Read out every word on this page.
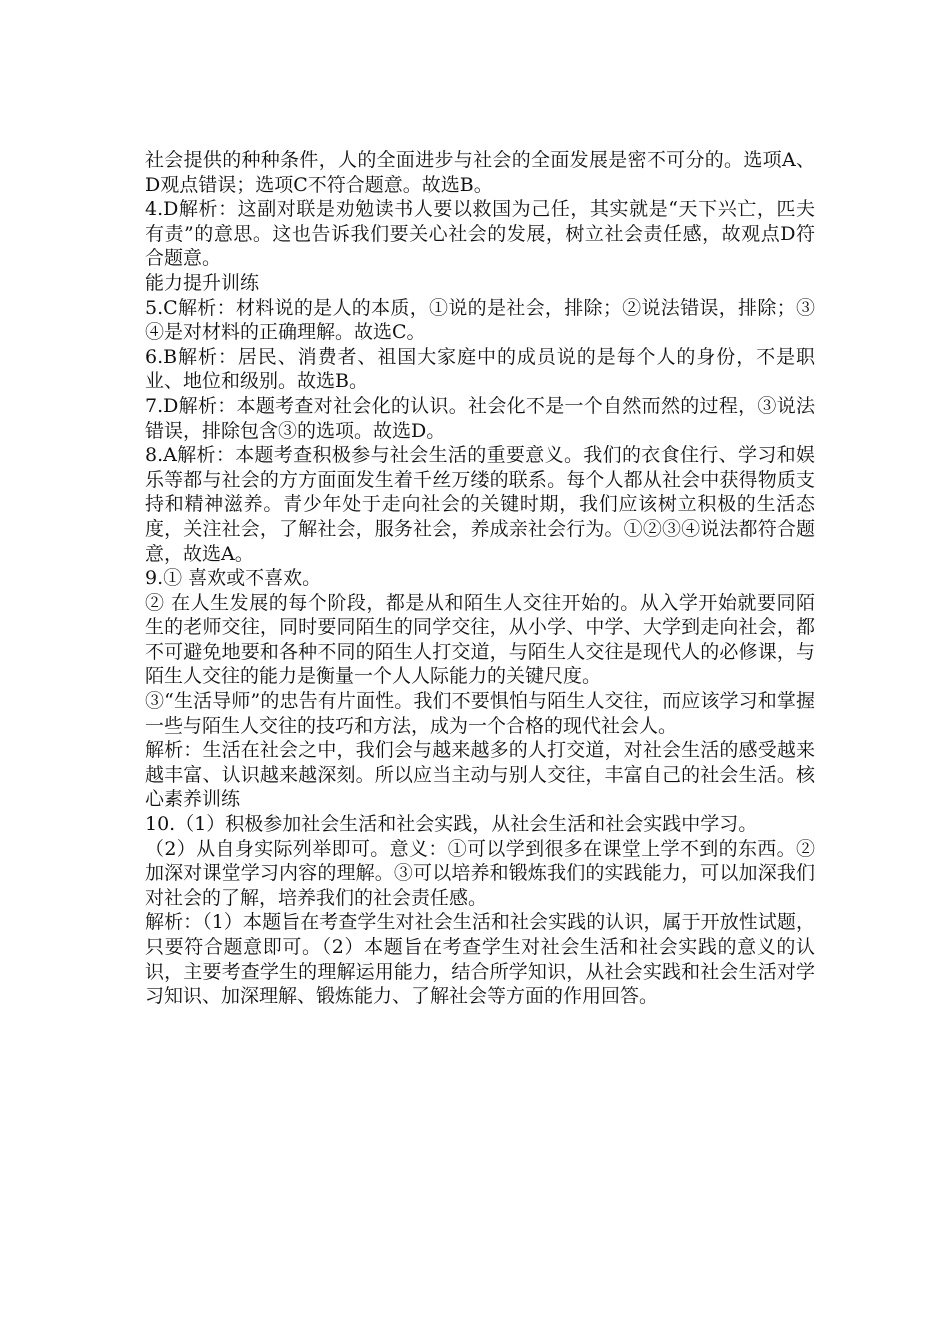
社会提供的种种条件，人的全面进步与社会的全面发展是密不可分的。选项A、D观点错误；选项C不符合题意。故选B。

4.D解析：这副对联是劝勉读书人要以救国为己任，其实就是“天下兴亡，匹夫有责”的意思。这也告诉我们要关心社会的发展，树立社会责任感，故观点D符合题意。

能力提升训练

5.C解析：材料说的是人的本质，①说的是社会，排除；②说法错误，排除；③④是对材料的正确理解。故选C。

6.B解析：居民、消费者、祖国大家庭中的成员说的是每个人的身份，不是职业、地位和级别。故选B。

7.D解析：本题考查对社会化的认识。社会化不是一个自然而然的过程，③说法错误，排除包含③的选项。故选D。

8.A解析：本题考查积极参与社会生活的重要意义。我们的衣食住行、学习和娱乐等都与社会的方方面面发生着千丝万缕的联系。每个人都从社会中获得物质支持和精神滋养。青少年处于走向社会的关键时期，我们应该树立积极的生活态度，关注社会，了解社会，服务社会，养成亲社会行为。①②③④说法都符合题意，故选A。

9.① 喜欢或不喜欢。

② 在人生发展的每个阶段，都是从和陌生人交往开始的。从入学开始就要同陌生的老师交往，同时要同陌生的同学交往，从小学、中学、大学到走向社会，都不可避免地要和各种不同的陌生人打交道，与陌生人交往是现代人的必修课，与陌生人交往的能力是衡量一个人人际能力的关键尺度。

③“生活导师”的忠告有片面性。我们不要惧怕与陌生人交往，而应该学习和掌握一些与陌生人交往的技巧和方法，成为一个合格的现代社会人。

解析：生活在社会之中，我们会与越来越多的人打交道，对社会生活的感受越来越丰富、认识越来越深刻。所以应当主动与别人交往，丰富自己的社会生活。核心素养训练

10.（1）积极参加社会生活和社会实践，从社会生活和社会实践中学习。

（2）从自身实际列举即可。意义：①可以学到很多在课堂上学不到的东西。②加深对课堂学习内容的理解。③可以培养和锻炼我们的实践能力，可以加深我们对社会的了解，培养我们的社会责任感。

解析：（1）本题旨在考查学生对社会生活和社会实践的认识，属于开放性试题，只要符合题意即可。（2）本题旨在考查学生对社会生活和社会实践的意义的认识，主要考查学生的理解运用能力，结合所学知识，从社会实践和社会生活对学习知识、加深理解、锻炼能力、了解社会等方面的作用回答。
